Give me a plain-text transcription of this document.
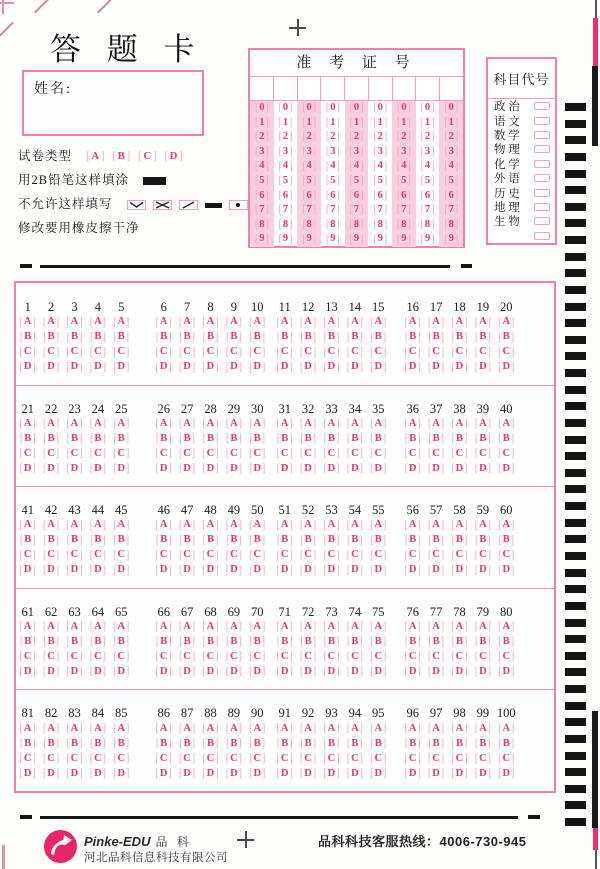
答 题 卡
姓名:
试卷类型 [ A ] [ B ] [ C ] [ D ]
用2B铅笔这样填涂
不允许这样填写
修改要用橡皮擦干净
准 考 证 号
[ 0 ]
[ 1 ]
[ 2 ]
[ 3 ]
[ 4 ]
[ 5 ]
[ 6 ]
[ 7 ]
[ 8 ]
[ 9 ]
[ 0 ]
[ 1 ]
[ 2 ]
[ 3 ]
[ 4 ]
[ 5 ]
[ 6 ]
[ 7 ]
[ 8 ]
[ 9 ]
[ 0 ]
[ 1 ]
[ 2 ]
[ 3 ]
[ 4 ]
[ 5 ]
[ 6 ]
[ 7 ]
[ 8 ]
[ 9 ]
[ 0 ]
[ 1 ]
[ 2 ]
[ 3 ]
[ 4 ]
[ 5 ]
[ 6 ]
[ 7 ]
[ 8 ]
[ 9 ]
[ 0 ]
[ 1 ]
[ 2 ]
[ 3 ]
[ 4 ]
[ 5 ]
[ 6 ]
[ 7 ]
[ 8 ]
[ 9 ]
[ 0 ]
[ 1 ]
[ 2 ]
[ 3 ]
[ 4 ]
[ 5 ]
[ 6 ]
[ 7 ]
[ 8 ]
[ 9 ]
[ 0 ]
[ 1 ]
[ 2 ]
[ 3 ]
[ 4 ]
[ 5 ]
[ 6 ]
[ 7 ]
[ 8 ]
[ 9 ]
[ 0 ]
[ 1 ]
[ 2 ]
[ 3 ]
[ 4 ]
[ 5 ]
[ 6 ]
[ 7 ]
[ 8 ]
[ 9 ]
[ 0 ]
[ 1 ]
[ 2 ]
[ 3 ]
[ 4 ]
[ 5 ]
[ 6 ]
[ 7 ]
[ 8 ]
[ 9 ]
科目代号
政 治
语 文
数 学
物 理
化 学
外 语
历 史
地 理
生 物
1 2 3 4 5
[ A ] [ A ] [ A ] [ A ] [ A ]
[ B ] [ B ] [ B ] [ B ] [ B ]
[ C ] [ C ] [ C ] [ C ] [ C ]
[ D ] [ D ] [ D ] [ D ] [ D ]
6 7 8 9 10
[ A ] [ A ] [ A ] [ A ] [ A ]
[ B ] [ B ] [ B ] [ B ] [ B ]
[ C ] [ C ] [ C ] [ C ] [ C ]
[ D ] [ D ] [ D ] [ D ] [ D ]
11 12 13 14 15
[ A ] [ A ] [ A ] [ A ] [ A ]
[ B ] [ B ] [ B ] [ B ] [ B ]
[ C ] [ C ] [ C ] [ C ] [ C ]
[ D ] [ D ] [ D ] [ D ] [ D ]
16 17 18 19 20
[ A ] [ A ] [ A ] [ A ] [ A ]
[ B ] [ B ] [ B ] [ B ] [ B ]
[ C ] [ C ] [ C ] [ C ] [ C ]
[ D ] [ D ] [ D ] [ D ] [ D ]
21 22 23 24 25
[ A ] [ A ] [ A ] [ A ] [ A ]
[ B ] [ B ] [ B ] [ B ] [ B ]
[ C ] [ C ] [ C ] [ C ] [ C ]
[ D ] [ D ] [ D ] [ D ] [ D ]
26 27 28 29 30
[ A ] [ A ] [ A ] [ A ] [ A ]
[ B ] [ B ] [ B ] [ B ] [ B ]
[ C ] [ C ] [ C ] [ C ] [ C ]
[ D ] [ D ] [ D ] [ D ] [ D ]
31 32 33 34 35
[ A ] [ A ] [ A ] [ A ] [ A ]
[ B ] [ B ] [ B ] [ B ] [ B ]
[ C ] [ C ] [ C ] [ C ] [ C ]
[ D ] [ D ] [ D ] [ D ] [ D ]
36 37 38 39 40
[ A ] [ A ] [ A ] [ A ] [ A ]
[ B ] [ B ] [ B ] [ B ] [ B ]
[ C ] [ C ] [ C ] [ C ] [ C ]
[ D ] [ D ] [ D ] [ D ] [ D ]
41 42 43 44 45
[ A ] [ A ] [ A ] [ A ] [ A ]
[ B ] [ B ] [ B ] [ B ] [ B ]
[ C ] [ C ] [ C ] [ C ] [ C ]
[ D ] [ D ] [ D ] [ D ] [ D ]
46 47 48 49 50
[ A ] [ A ] [ A ] [ A ] [ A ]
[ B ] [ B ] [ B ] [ B ] [ B ]
[ C ] [ C ] [ C ] [ C ] [ C ]
[ D ] [ D ] [ D ] [ D ] [ D ]
51 52 53 54 55
[ A ] [ A ] [ A ] [ A ] [ A ]
[ B ] [ B ] [ B ] [ B ] [ B ]
[ C ] [ C ] [ C ] [ C ] [ C ]
[ D ] [ D ] [ D ] [ D ] [ D ]
56 57 58 59 60
[ A ] [ A ] [ A ] [ A ] [ A ]
[ B ] [ B ] [ B ] [ B ] [ B ]
[ C ] [ C ] [ C ] [ C ] [ C ]
[ D ] [ D ] [ D ] [ D ] [ D ]
61 62 63 64 65
[ A ] [ A ] [ A ] [ A ] [ A ]
[ B ] [ B ] [ B ] [ B ] [ B ]
[ C ] [ C ] [ C ] [ C ] [ C ]
[ D ] [ D ] [ D ] [ D ] [ D ]
66 67 68 69 70
[ A ] [ A ] [ A ] [ A ] [ A ]
[ B ] [ B ] [ B ] [ B ] [ B ]
[ C ] [ C ] [ C ] [ C ] [ C ]
[ D ] [ D ] [ D ] [ D ] [ D ]
71 72 73 74 75
[ A ] [ A ] [ A ] [ A ] [ A ]
[ B ] [ B ] [ B ] [ B ] [ B ]
[ C ] [ C ] [ C ] [ C ] [ C ]
[ D ] [ D ] [ D ] [ D ] [ D ]
76 77 78 79 80
[ A ] [ A ] [ A ] [ A ] [ A ]
[ B ] [ B ] [ B ] [ B ] [ B ]
[ C ] [ C ] [ C ] [ C ] [ C ]
[ D ] [ D ] [ D ] [ D ] [ D ]
81 82 83 84 85
[ A ] [ A ] [ A ] [ A ] [ A ]
[ B ] [ B ] [ B ] [ B ] [ B ]
[ C ] [ C ] [ C ] [ C ] [ C ]
[ D ] [ D ] [ D ] [ D ] [ D ]
86 87 88 89 90
[ A ] [ A ] [ A ] [ A ] [ A ]
[ B ] [ B ] [ B ] [ B ] [ B ]
[ C ] [ C ] [ C ] [ C ] [ C ]
[ D ] [ D ] [ D ] [ D ] [ D ]
91 92 93 94 95
[ A ] [ A ] [ A ] [ A ] [ A ]
[ B ] [ B ] [ B ] [ B ] [ B ]
[ C ] [ C ] [ C ] [ C ] [ C ]
[ D ] [ D ] [ D ] [ D ] [ D ]
96 97 98 99 100
[ A ] [ A ] [ A ] [ A ] [ A ]
[ B ] [ B ] [ B ] [ B ] [ B ]
[ C ] [ C ] [ C ] [ C ] [ C ]
[ D ] [ D ] [ D ] [ D ] [ D ]
Pinke-EDU 品 科
河北品科信息科技有限公司
品科科技客服热线：4006-730-945
